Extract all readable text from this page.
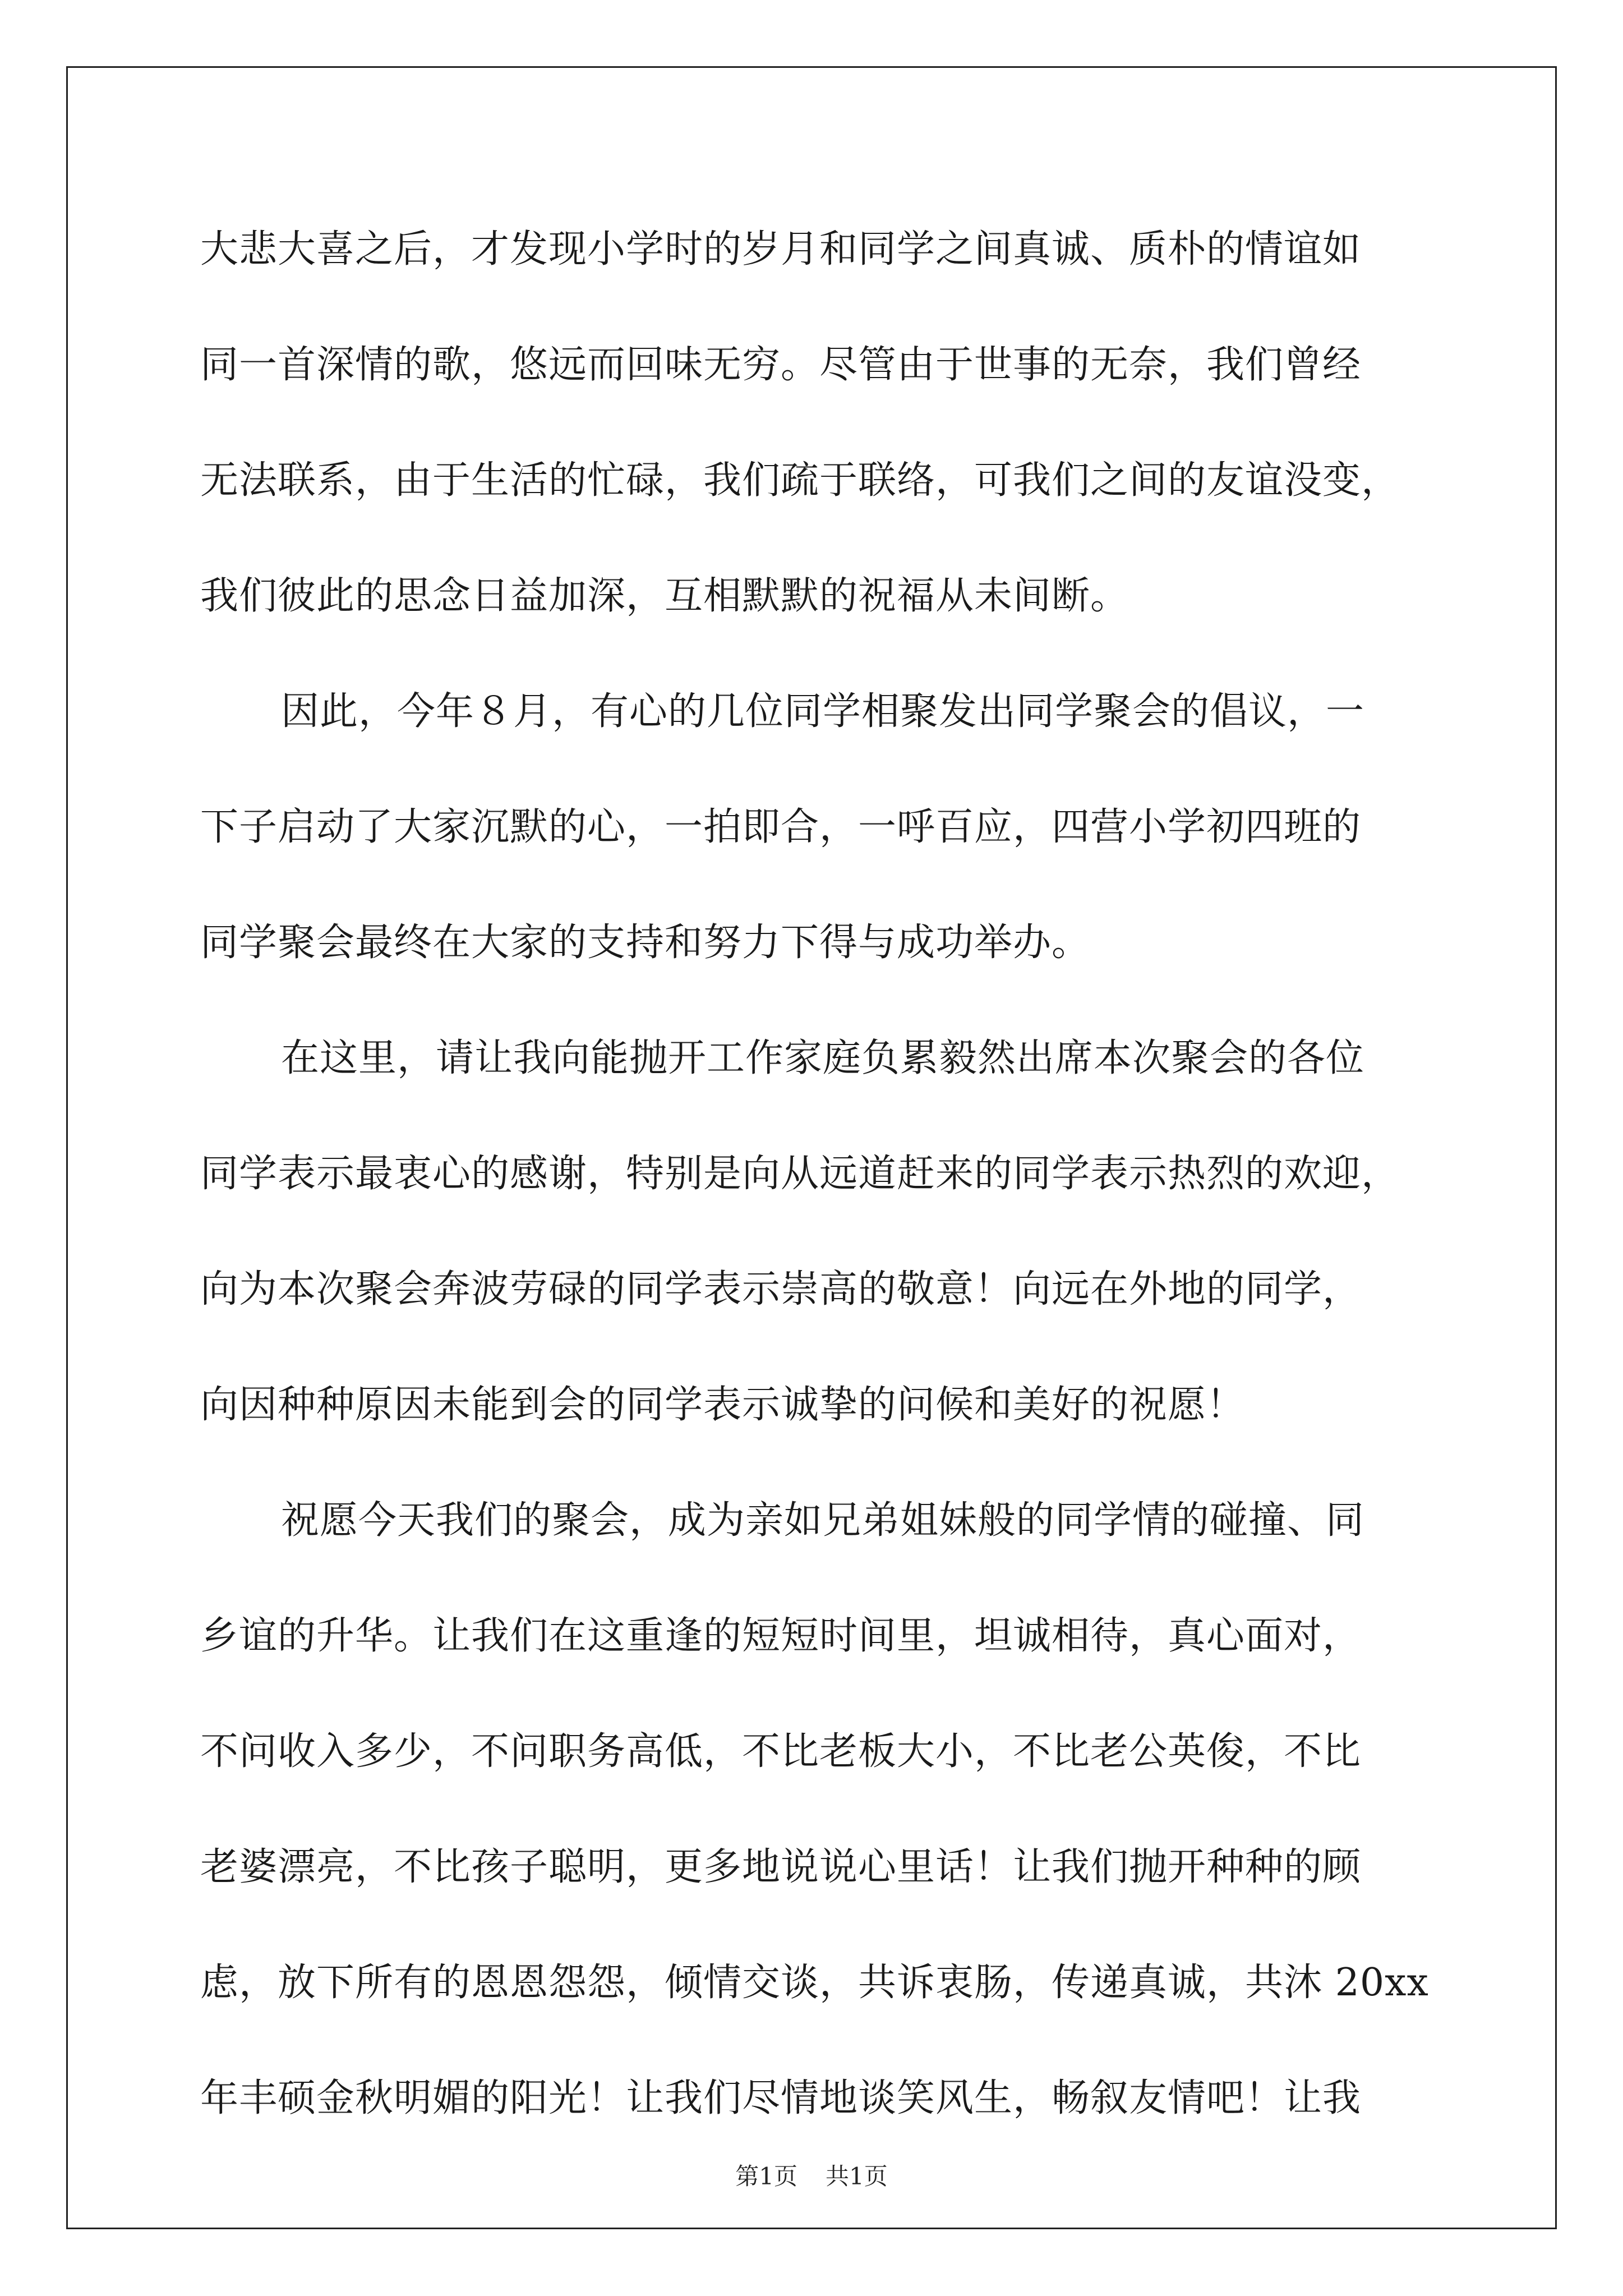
大悲大喜之后，才发现小学时的岁月和同学之间真诚、质朴的情谊如
同一首深情的歌，悠远而回味无穷。尽管由于世事的无奈，我们曾经
无法联系，由于生活的忙碌，我们疏于联络，可我们之间的友谊没变，
我们彼此的思念日益加深，互相默默的祝福从未间断。
因此，今年８月，有心的几位同学相聚发出同学聚会的倡议，一
下子启动了大家沉默的心，一拍即合，一呼百应，四营小学初四班的
同学聚会最终在大家的支持和努力下得与成功举办。
在这里，请让我向能抛开工作家庭负累毅然出席本次聚会的各位
同学表示最衷心的感谢，特别是向从远道赶来的同学表示热烈的欢迎，
向为本次聚会奔波劳碌的同学表示崇高的敬意！向远在外地的同学，
向因种种原因未能到会的同学表示诚挚的问候和美好的祝愿！
祝愿今天我们的聚会，成为亲如兄弟姐妹般的同学情的碰撞、同
乡谊的升华。让我们在这重逢的短短时间里，坦诚相待，真心面对，
不问收入多少，不问职务高低，不比老板大小，不比老公英俊，不比
老婆漂亮，不比孩子聪明，更多地说说心里话！让我们抛开种种的顾
虑，放下所有的恩恩怨怨，倾情交谈，共诉衷肠，传递真诚，共沐 20xx
年丰硕金秋明媚的阳光！让我们尽情地谈笑风生，畅叙友情吧！让我
第1页 共1页
